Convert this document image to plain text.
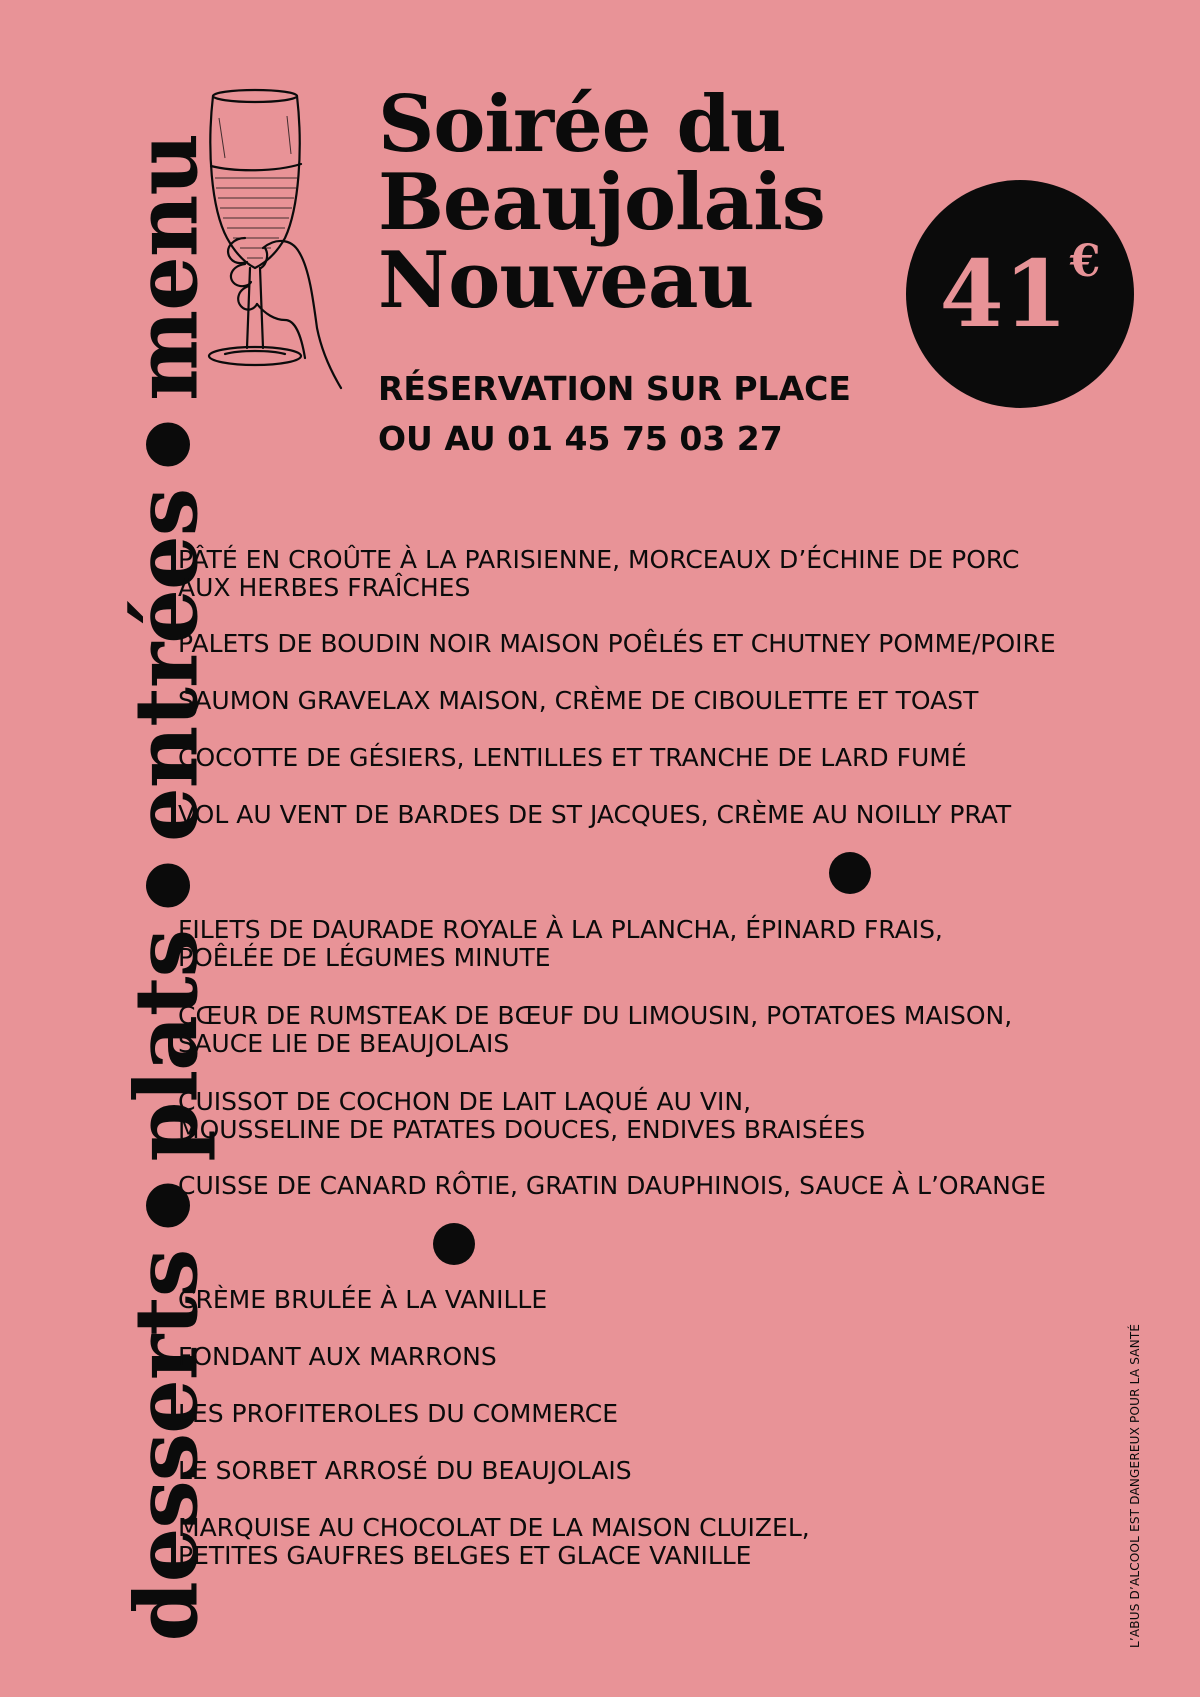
dessertsplatsentréesmenu
Soirée du
Beaujolais
Nouveau	41 €
RÉSERVATION SUR PLACE
OU AU 01 45 75 03 27
PÂTÉ EN CROÛTE À LA PARISIENNE, MORCEAUX D’ÉCHINE DE PORC
AUX HERBES FRAÎCHES
PALETS DE BOUDIN NOIR MAISON POÊLÉS ET CHUTNEY POMME/POIRE
SAUMON GRAVELAX MAISON, CRÈME DE CIBOULETTE ET TOAST
COCOTTE DE GÉSIERS, LENTILLES ET TRANCHE DE LARD FUMÉ
VOL AU VENT DE BARDES DE ST JACQUES, CRÈME AU NOILLY PRAT
FILETS DE DAURADE ROYALE À LA PLANCHA, ÉPINARD FRAIS,
POÊLÉE DE LÉGUMES MINUTE
CŒUR DE RUMSTEAK DE BŒUF DU LIMOUSIN, POTATOES MAISON,
SAUCE LIE DE BEAUJOLAIS
CUISSOT DE COCHON DE LAIT LAQUÉ AU VIN,
MOUSSELINE DE PATATES DOUCES, ENDIVES BRAISÉES
CUISSE DE CANARD RÔTIE, GRATIN DAUPHINOIS, SAUCE À L’ORANGE
CRÈME BRULÉE À LA VANILLE
FONDANT AUX MARRONS
LES PROFITEROLES DU COMMERCE
LE SORBET ARROSÉ DU BEAUJOLAIS
MARQUISE AU CHOCOLAT DE LA MAISON CLUIZEL,
PETITES GAUFRES BELGES ET GLACE VANILLE	L’ABUS D’ALCOOL EST DANGEREUX POUR LA SANTÉ
